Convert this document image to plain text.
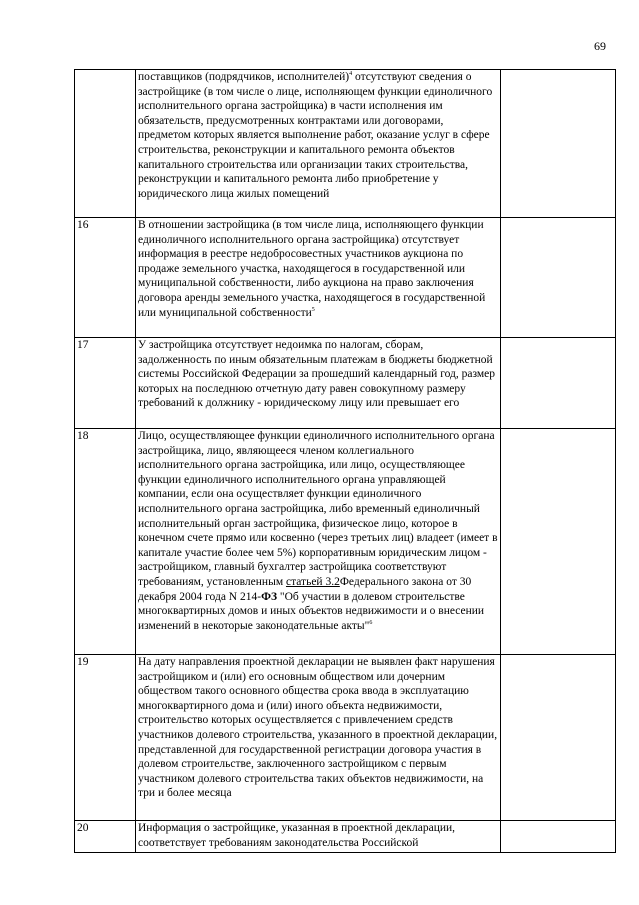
69
	поставщиков (подрядчиков, исполнителей)$^4$ отсутствуют сведения о застройщике (в том числе о лице, исполняющем функции единоличного исполнительного органа застройщика) в части исполнения им обязательств, предусмотренных контрактами или договорами, предметом которых является выполнение работ, оказание услуг в сфере строительства, реконструкции и капитального ремонта объектов капитального строительства или организации таких строительства, реконструкции и капитального ремонта либо приобретение у юридического лица жилых помещений	
16	В отношении застройщика (в том числе лица, исполняющего функции единоличного исполнительного органа застройщика) отсутствует информация в реестре недобросовестных участников аукциона по продаже земельного участка, находящегося в государственной или муниципальной собственности, либо аукциона на право заключения договора аренды земельного участка, находящегося в государственной или муниципальной собственности$^5$	
17	У застройщика отсутствует недоимка по налогам, сборам, задолженность по иным обязательным платежам в бюджеты бюджетной системы Российской Федерации за прошедший календарный год, размер которых на последнюю отчетную дату равен совокупному размеру требований к должнику - юридическому лицу или превышает его	
18	Лицо, осуществляющее функции единоличного исполнительного органа застройщика, лицо, являющееся членом коллегиального исполнительного органа застройщика, или лицо, осуществляющее функции единоличного исполнительного органа управляющей компании, если она осуществляет функции единоличного исполнительного органа застройщика, либо временный единоличный исполнительный орган застройщика, физическое лицо, которое в конечном счете прямо или косвенно (через третьих лиц) владеет (имеет в капитале участие более чем 5%) корпоративным юридическим лицом - застройщиком, главный бухгалтер застройщика соответствуют требованиям, установленным статьей 3.2Федерального закона от 30 декабря 2004 года N 214-ФЗ "Об участии в долевом строительстве многоквартирных домов и иных объектов недвижимости и о внесении изменений в некоторые законодательные акты"$^6$	
19	На дату направления проектной декларации не выявлен факт нарушения застройщиком и (или) его основным обществом или дочерним обществом такого основного общества срока ввода в эксплуатацию многоквартирного дома и (или) иного объекта недвижимости, строительство которых осуществляется с привлечением средств участников долевого строительства, указанного в проектной декларации, представленной для государственной регистрации договора участия в долевом строительстве, заключенного застройщиком с первым участником долевого строительства таких объектов недвижимости, на три и более месяца	
20	Информация о застройщике, указанная в проектной декларации, соответствует требованиям законодательства Российской	
